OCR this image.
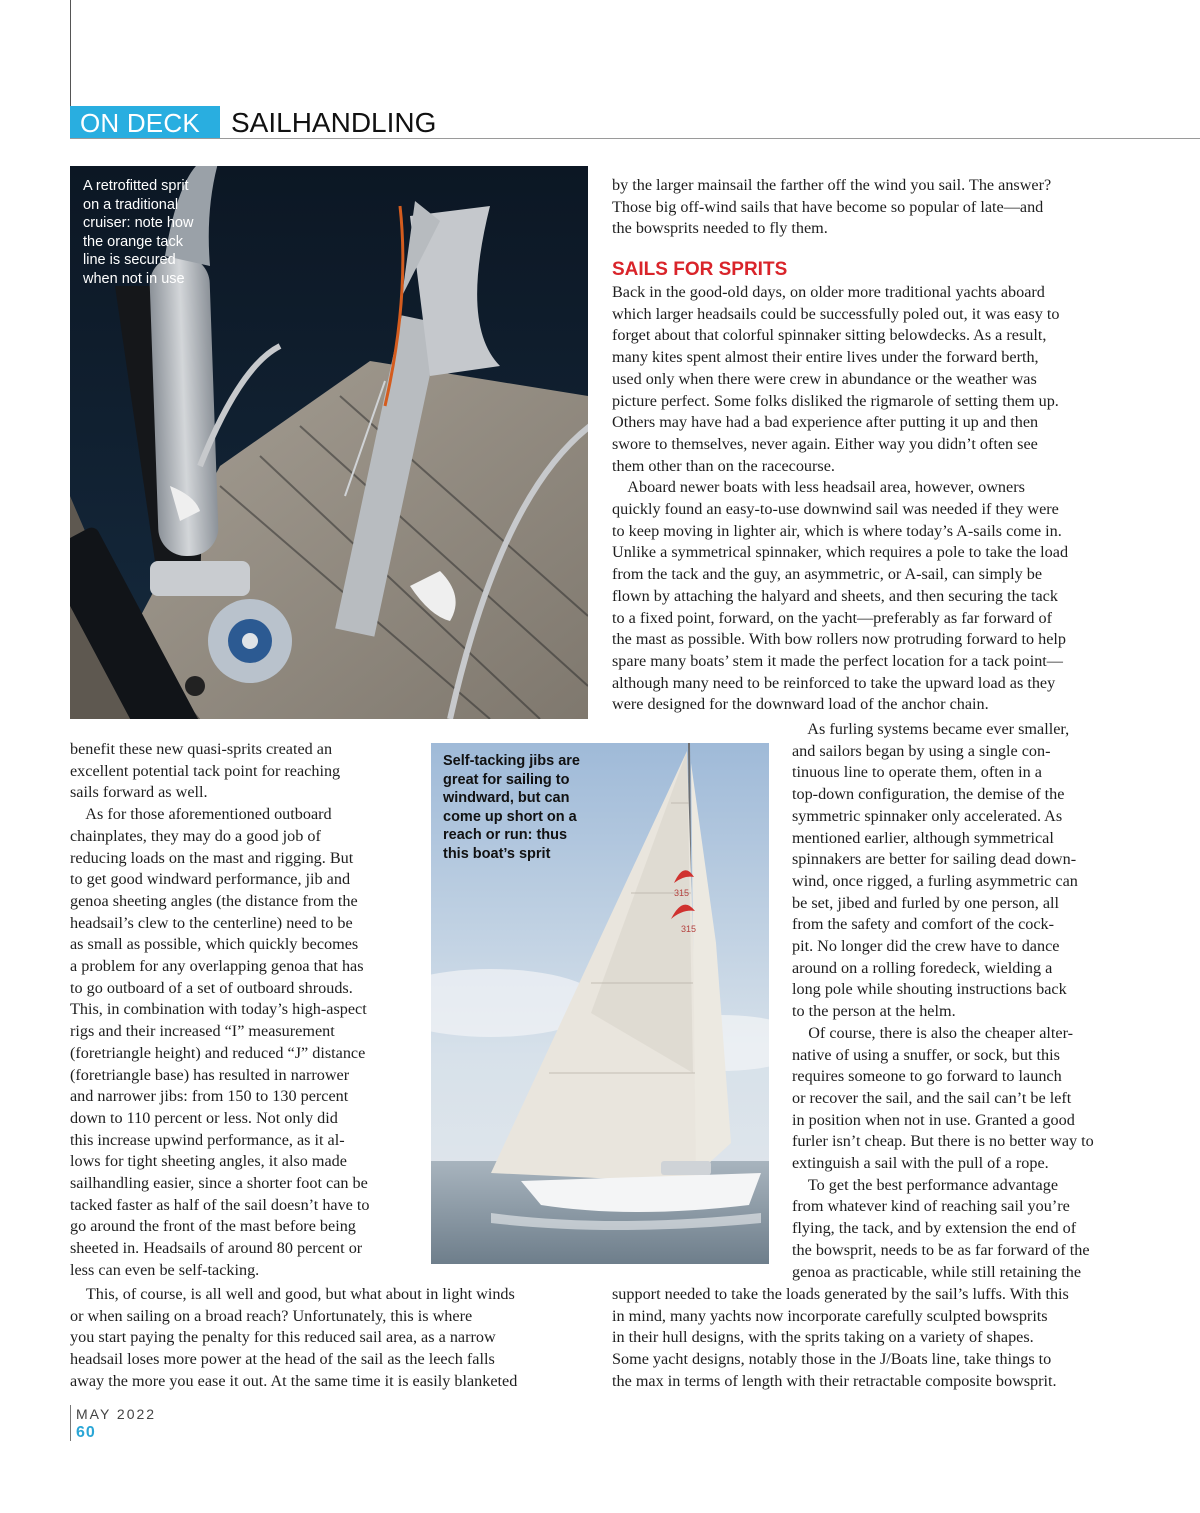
ON DECK	SAILHANDLING

A retrofitted sprit
on a traditional
cruiser: note how
the orange tack
line is secured
when not in use

315
315

Self-tacking jibs are
great for sailing to
windward, but can
come up short on a
reach or run: thus
this boat’s sprit

by the larger mainsail the farther off the wind you sail. The answer?
Those big off-wind sails that have become so popular of late—and
the bowsprits needed to fly them.

SAILS FOR SPRITS

Back in the good-old days, on older more traditional yachts aboard
which larger headsails could be successfully poled out, it was easy to
forget about that colorful spinnaker sitting belowdecks. As a result,
many kites spent almost their entire lives under the forward berth,
used only when there were crew in abundance or the weather was
picture perfect. Some folks disliked the rigmarole of setting them up.
Others may have had a bad experience after putting it up and then
swore to themselves, never again. Either way you didn’t often see
them other than on the racecourse.
Aboard newer boats with less headsail area, however, owners
quickly found an easy-to-use downwind sail was needed if they were
to keep moving in lighter air, which is where today’s A-sails come in.
Unlike a symmetrical spinnaker, which requires a pole to take the load
from the tack and the guy, an asymmetric, or A-sail, can simply be
flown by attaching the halyard and sheets, and then securing the tack
to a fixed point, forward, on the yacht—preferably as far forward of
the mast as possible. With bow rollers now protruding forward to help
spare many boats’ stem it made the perfect location for a tack point—
although many need to be reinforced to take the upward load as they
were designed for the downward load of the anchor chain.

As furling systems became ever smaller,
and sailors began by using a single con-
tinuous line to operate them, often in a
top-down configuration, the demise of the
symmetric spinnaker only accelerated. As
mentioned earlier, although symmetrical
spinnakers are better for sailing dead down-
wind, once rigged, a furling asymmetric can
be set, jibed and furled by one person, all
from the safety and comfort of the cock-
pit. No longer did the crew have to dance
around on a rolling foredeck, wielding a
long pole while shouting instructions back
to the person at the helm.
Of course, there is also the cheaper alter-
native of using a snuffer, or sock, but this
requires someone to go forward to launch
or recover the sail, and the sail can’t be left
in position when not in use. Granted a good
furler isn’t cheap. But there is no better way to
extinguish a sail with the pull of a rope.
To get the best performance advantage
from whatever kind of reaching sail you’re
flying, the tack, and by extension the end of
the bowsprit, needs to be as far forward of the
genoa as practicable, while still retaining the

support needed to take the loads generated by the sail’s luffs. With this
in mind, many yachts now incorporate carefully sculpted bowsprits
in their hull designs, with the sprits taking on a variety of shapes.
Some yacht designs, notably those in the J/Boats line, take things to
the max in terms of length with their retractable composite bowsprit.

benefit these new quasi-sprits created an
excellent potential tack point for reaching
sails forward as well.
As for those aforementioned outboard
chainplates, they may do a good job of
reducing loads on the mast and rigging. But
to get good windward performance, jib and
genoa sheeting angles (the distance from the
headsail’s clew to the centerline) need to be
as small as possible, which quickly becomes
a problem for any overlapping genoa that has
to go outboard of a set of outboard shrouds.
This, in combination with today’s high-aspect
rigs and their increased “I” measurement
(foretriangle height) and reduced “J” distance
(foretriangle base) has resulted in narrower
and narrower jibs: from 150 to 130 percent
down to 110 percent or less. Not only did
this increase upwind performance, as it al-
lows for tight sheeting angles, it also made
sailhandling easier, since a shorter foot can be
tacked faster as half of the sail doesn’t have to
go around the front of the mast before being
sheeted in. Headsails of around 80 percent or
less can even be self-tacking.

This, of course, is all well and good, but what about in light winds
or when sailing on a broad reach? Unfortunately, this is where
you start paying the penalty for this reduced sail area, as a narrow
headsail loses more power at the head of the sail as the leech falls
away the more you ease it out. At the same time it is easily blanketed

MAY 2022
60
